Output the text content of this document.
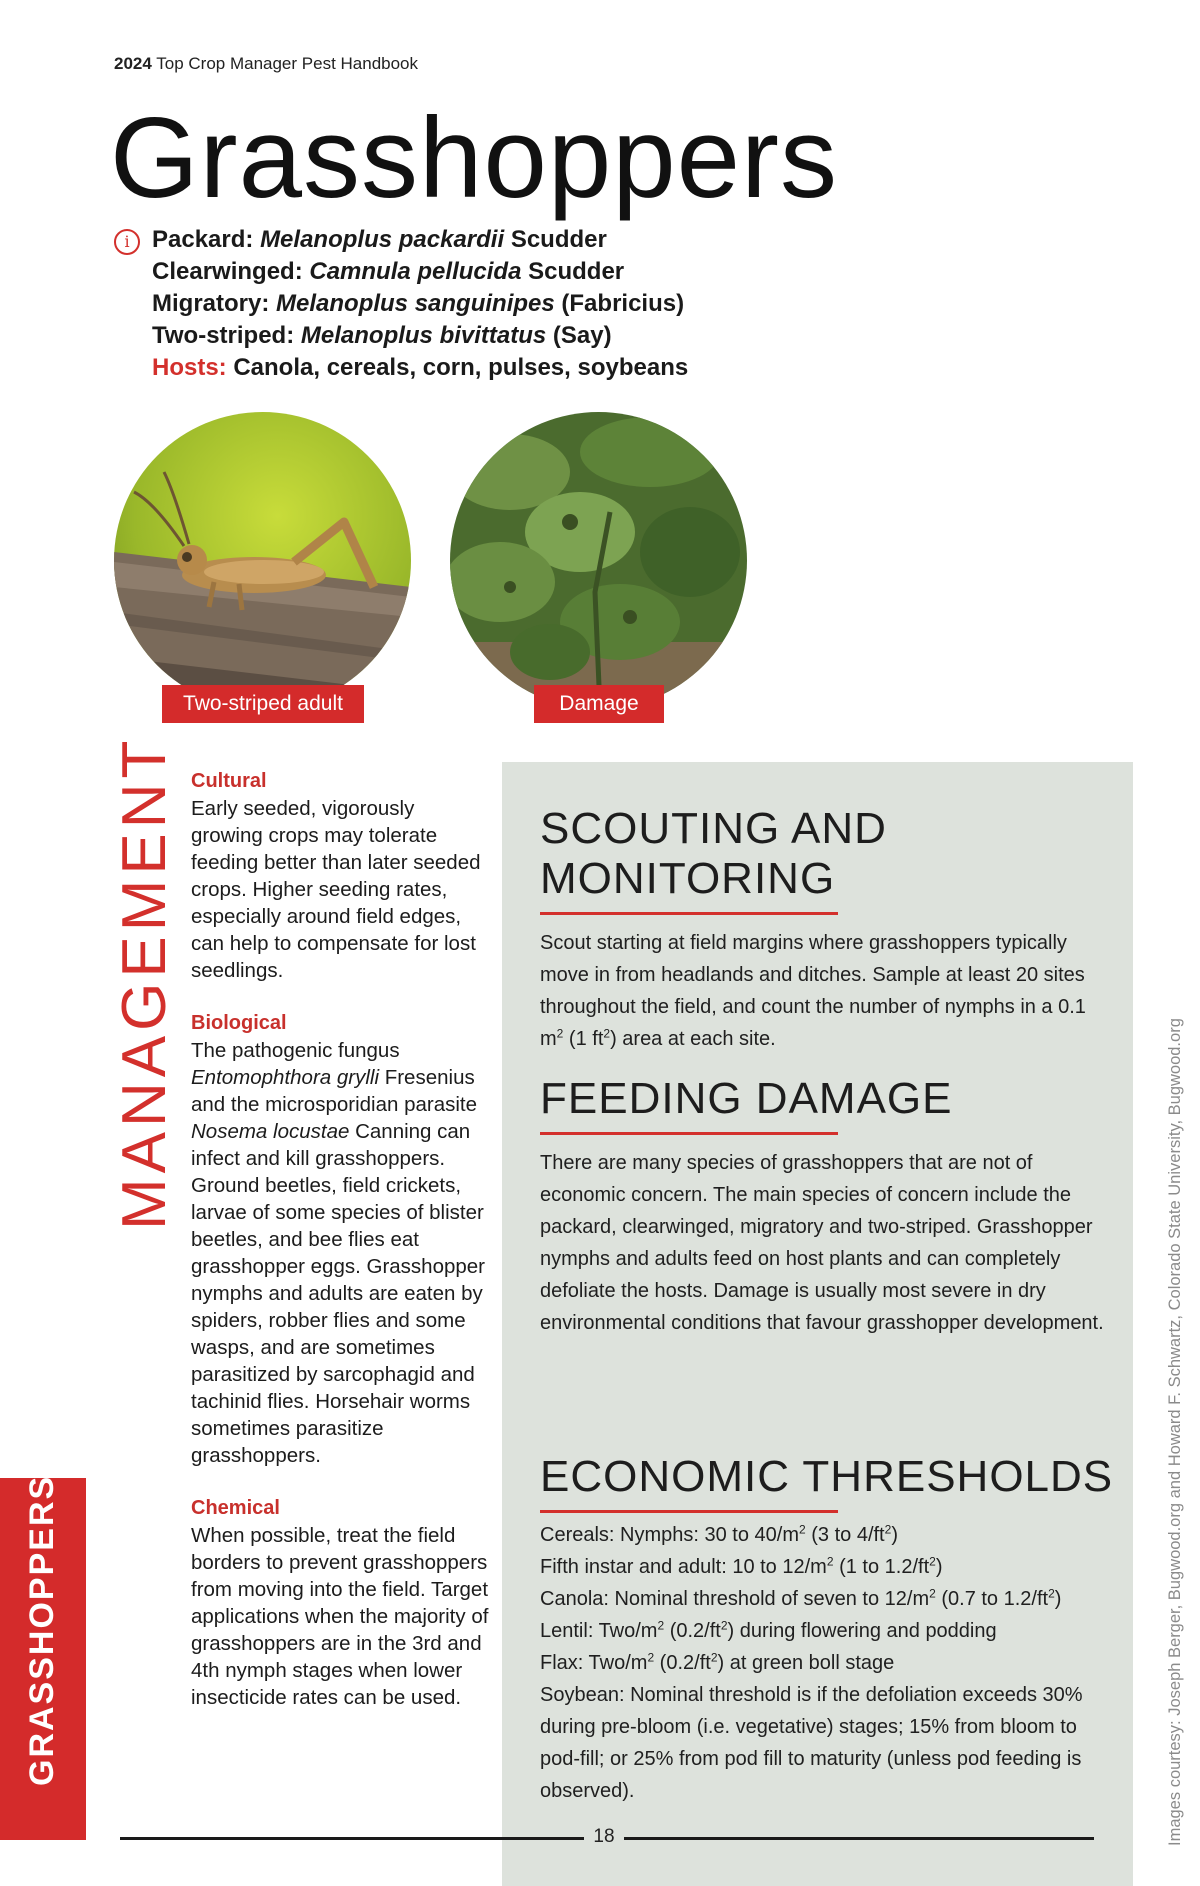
2024 Top Crop Manager Pest Handbook
Grasshoppers
i Packard: Melanoplus packardii Scudder
Clearwinged: Camnula pellucida Scudder
Migratory: Melanoplus sanguinipes (Fabricius)
Two-striped: Melanoplus bivittatus (Say)
Hosts: Canola, cereals, corn, pulses, soybeans
Two-striped adult	Damage
MANAGEMENT Cultural
Early seeded, vigorously growing crops may tolerate feeding better than later seeded crops. Higher seeding rates, especially around field edges, can help to compensate for lost seedlings.
Biological
The pathogenic fungus Entomophthora grylli Fresenius and the microsporidian parasite Nosema locustae Canning can infect and kill grasshoppers. Ground beetles, field crickets, larvae of some species of blister beetles, and bee flies eat grasshopper eggs. Grasshopper nymphs and adults are eaten by spiders, robber flies and some wasps, and are sometimes parasitized by sarcophagid and tachinid flies. Horsehair worms sometimes parasitize grasshoppers.
Chemical
When possible, treat the field borders to prevent grasshoppers from moving into the field. Target applications when the majority of grasshoppers are in the 3rd and 4th nymph stages when lower insecticide rates can be used.
SCOUTING AND
MONITORING
Scout starting at field margins where grasshoppers typically move in from headlands and ditches. Sample at least 20 sites throughout the field, and count the number of nymphs in a 0.1 $m^2$ (1 $ft^2$) area at each site.
FEEDING DAMAGE
There are many species of grasshoppers that are not of economic concern. The main species of concern include the packard, clearwinged, migratory and two-striped. Grasshopper nymphs and adults feed on host plants and can completely defoliate the hosts. Damage is usually most severe in dry environmental conditions that favour grasshopper development.
ECONOMIC THRESHOLDS
Cereals: Nymphs: 30 to $40/m^2$ (3 to $4/ft^2$)
Fifth instar and adult: 10 to $12/m^2$ (1 to $1.2/ft^2$)
Canola: Nominal threshold of seven to $12/m^2$ (0.7 to $1.2/ft^2$)
Lentil: Two/$m^2$ $(0.2/ft^2)$ during flowering and podding
Flax: Two/$m^2$ $(0.2/ft^2)$ at green boll stage
Soybean: Nominal threshold is if the defoliation exceeds 30% during pre-bloom (i.e. vegetative) stages; 15% from bloom to pod-fill; or 25% from pod fill to maturity (unless pod feeding is observed).
GRASSHOPPERS	Images courtesy: Joseph Berger, Bugwood.org and Howard F. Schwartz, Colorado State University, Bugwood.org
18
